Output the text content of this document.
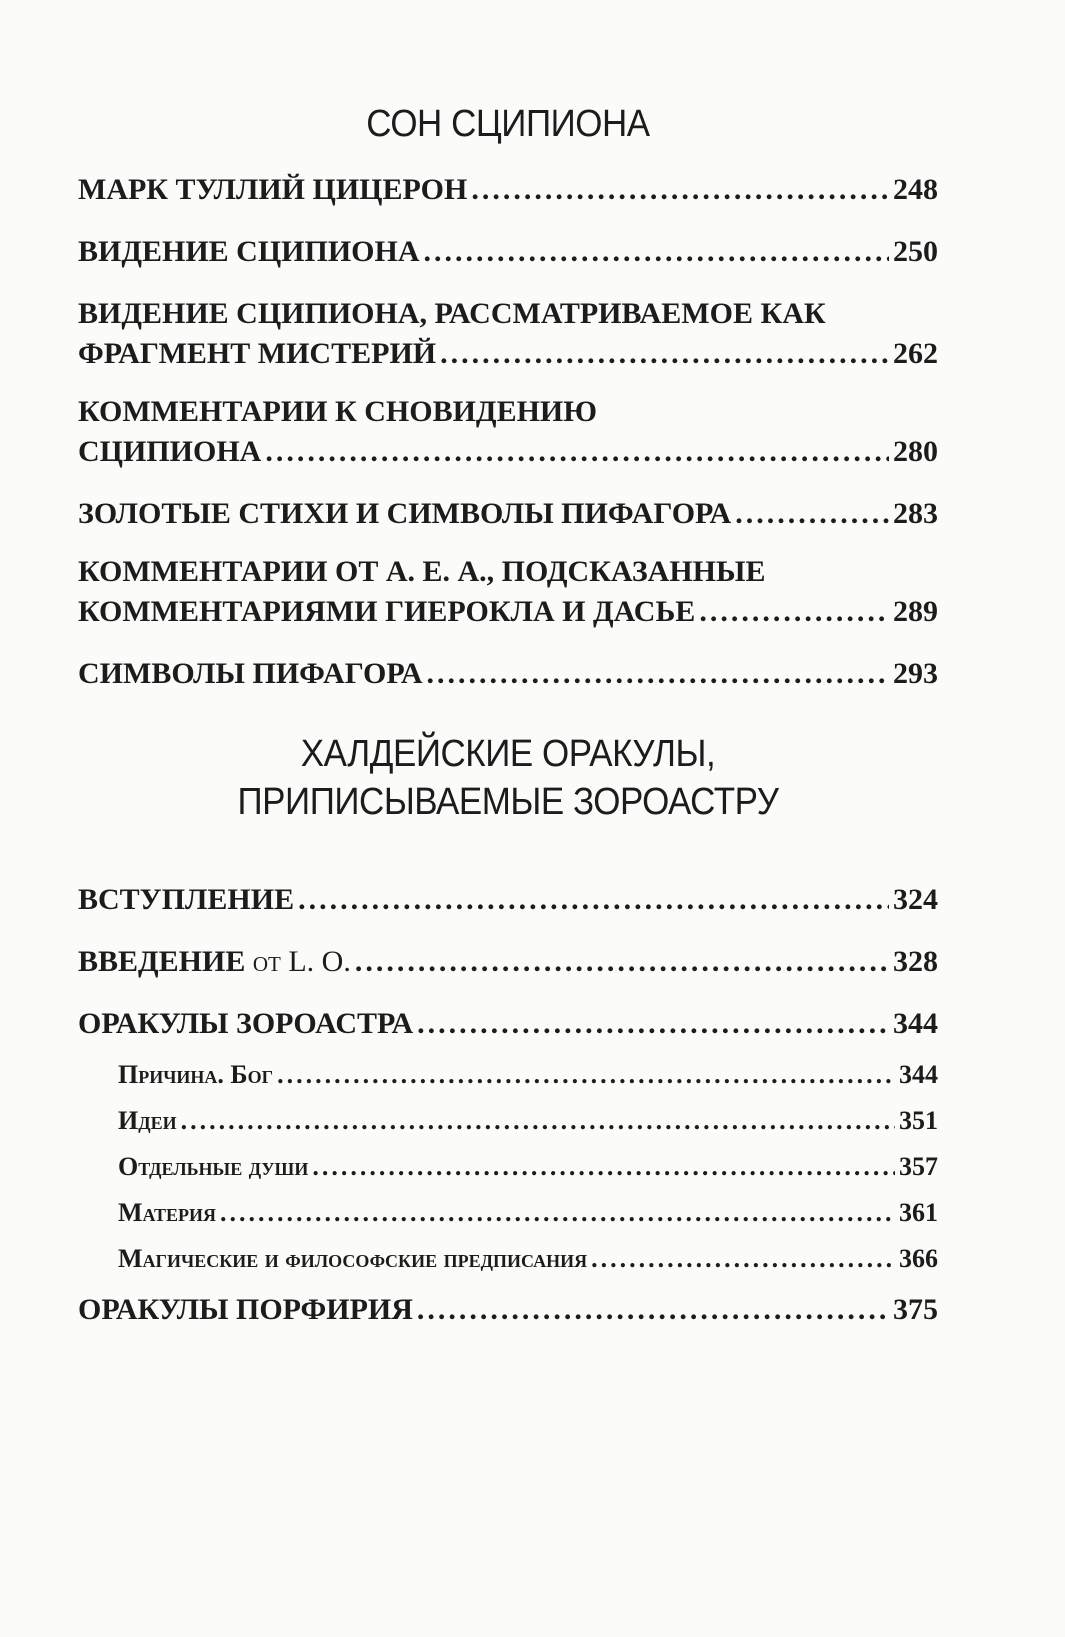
СОН СЦИПИОНА
МАРК ТУЛЛИЙ ЦИЦЕРОН .....	248
ВИДЕНИЕ СЦИПИОНА .....	250
ВИДЕНИЕ СЦИПИОНА, РАССМАТРИВАЕМОЕ КАК
ФРАГМЕНТ МИСТЕРИЙ .....	262
КОММЕНТАРИИ К СНОВИДЕНИЮ
СЦИПИОНА .....	280
ЗОЛОТЫЕ СТИХИ И СИМВОЛЫ ПИФАГОРА .....	283
КОММЕНТАРИИ ОТ А. Е. А., ПОДСКАЗАННЫЕ
КОММЕНТАРИЯМИ ГИЕРОКЛА И ДАСЬЕ .....	289
СИМВОЛЫ ПИФАГОРА .....	293
ХАЛДЕЙСКИЕ ОРАКУЛЫ,
ПРИПИСЫВАЕМЫЕ ЗОРОАСТРУ
ВСТУПЛЕНИЕ .....	324
ВВЕДЕНИЕ от L. O. .....	328
ОРАКУЛЫ ЗОРОАСТРА .....	344
Причина. Бог .....	344
Идеи .....	351
Отдельные души .....	357
Материя .....	361
Магические и философские предписания .....	366
ОРАКУЛЫ ПОРФИРИЯ .....	375
